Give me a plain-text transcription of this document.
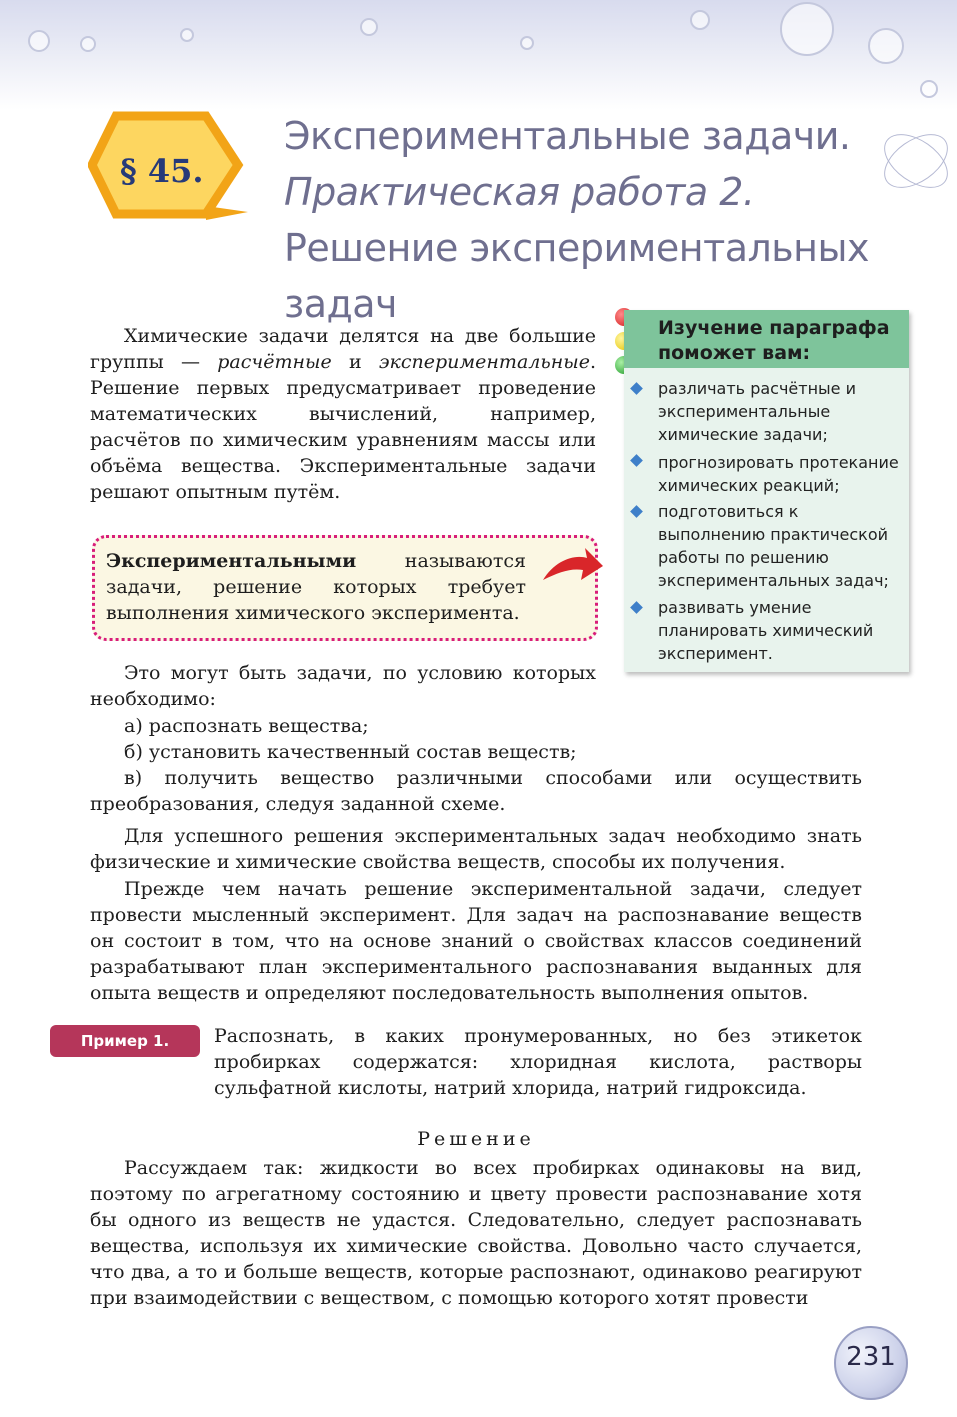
§ 45.
Экспериментальные задачи.
Практическая работа 2.
Решение экспериментальных задач

Химические задачи делятся на две большие группы — расчётные и экспериментальные. Решение первых предусматривает проведение математических вычислений, например, расчётов по химическим уравнениям массы или объёма вещества. Экспериментальные задачи решают опытным путём.

Экспериментальными называются задачи, решение которых требует выполнения химического эксперимента.

Изучение параграфа поможет вам:

различать расчётные и экспериментальные химические задачи;

прогнозировать протекание химических реакций;

подготовиться к выполнению практической работы по решению экспериментальных задач;

развивать умение планировать химический эксперимент.

Это могут быть задачи, по условию которых необходимо:

а) распознать вещества;

б) установить качественный состав веществ;

в) получить вещество различными способами или осуществить преобразования, следуя заданной схеме.

Для успешного решения экспериментальных задач необходимо знать физические и химические свойства веществ, способы их получения.

Прежде чем начать решение экспериментальной задачи, следует провести мысленный эксперимент. Для задач на распознавание веществ он состоит в том, что на основе знаний о свойствах классов соединений разрабатывают план экспериментального распознавания выданных для опыта веществ и определяют последовательность выполнения опытов.

Пример 1.	Распознать, в каких пронумерованных, но без этикеток пробирках содержатся: хлоридная кислота, растворы сульфатной кислоты, натрий хлорида, натрий гидроксида.

Решение

Рассуждаем так: жидкости во всех пробирках одинаковы на вид, поэтому по агрегатному состоянию и цвету провести распознавание хотя бы одного из веществ не удастся. Следовательно, следует распознавать вещества, используя их химические свойства. Довольно часто случается, что два, а то и больше веществ, которые распознают, одинаково реагируют при взаимодействии с веществом, с помощью которого хотят провести

231
